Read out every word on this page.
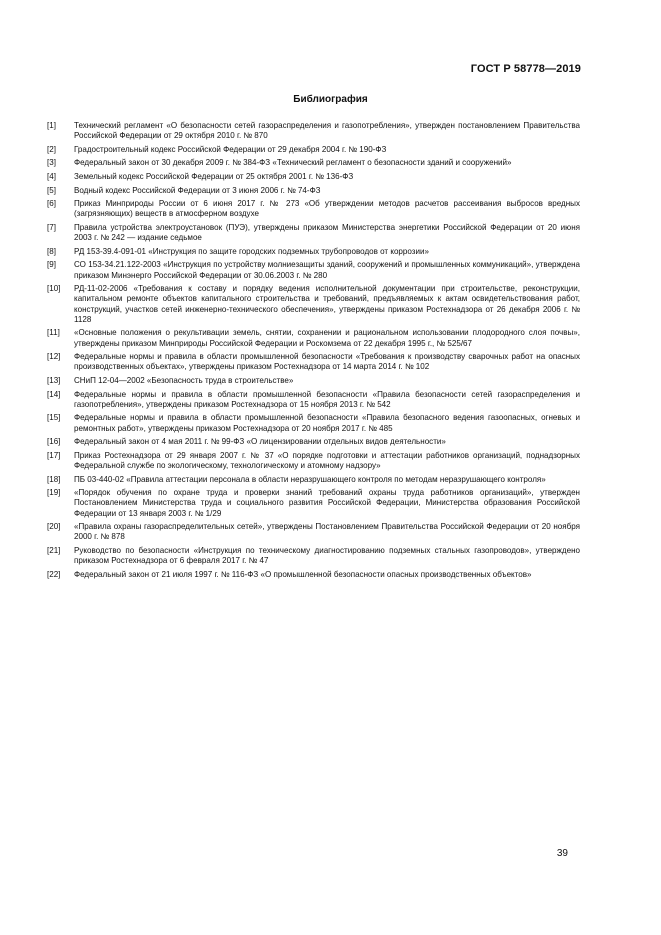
ГОСТ Р 58778—2019
Библиография
[1]	Технический регламент «О безопасности сетей газораспределения и газопотребления», утвержден постановлением Правительства Российской Федерации от 29 октября 2010 г. № 870
[2]	Градостроительный кодекс Российской Федерации от 29 декабря 2004 г. № 190-ФЗ
[3]	Федеральный закон от 30 декабря 2009 г. № 384-ФЗ «Технический регламент о безопасности зданий и сооружений»
[4]	Земельный кодекс Российской Федерации от 25 октября 2001 г. № 136-ФЗ
[5]	Водный кодекс Российской Федерации от 3 июня 2006 г. № 74-ФЗ
[6]	Приказ Минприроды России от 6 июня 2017 г. № 273 «Об утверждении методов расчетов рассеивания выбросов вредных (загрязняющих) веществ в атмосферном воздухе
[7]	Правила устройства электроустановок (ПУЭ), утверждены приказом Министерства энергетики Российской Федерации от 20 июня 2003 г. № 242 — издание седьмое
[8]	РД 153-39.4-091-01 «Инструкция по защите городских подземных трубопроводов от коррозии»
[9]	СО 153-34.21.122-2003 «Инструкция по устройству молниезащиты зданий, сооружений и промышленных коммуникаций», утверждена приказом Минэнерго Российской Федерации от 30.06.2003 г. № 280
[10]	РД-11-02-2006 «Требования к составу и порядку ведения исполнительной документации при строительстве, реконструкции, капитальном ремонте объектов капитального строительства и требований, предъявляемых к актам освидетельствования работ, конструкций, участков сетей инженерно-технического обеспечения», утверждены приказом Ростехнадзора от 26 декабря 2006 г. № 1128
[11]	«Основные положения о рекультивации земель, снятии, сохранении и рациональном использовании плодородного слоя почвы», утверждены приказом Минприроды Российской Федерации и Роскомзема от 22 декабря 1995 г., № 525/67
[12]	Федеральные нормы и правила в области промышленной безопасности «Требования к производству сварочных работ на опасных производственных объектах», утверждены приказом Ростехнадзора от 14 марта 2014 г. № 102
[13]	СНиП 12-04—2002 «Безопасность труда в строительстве»
[14]	Федеральные нормы и правила в области промышленной безопасности «Правила безопасности сетей газораспределения и газопотребления», утверждены приказом Ростехнадзора от 15 ноября 2013 г. № 542
[15]	Федеральные нормы и правила в области промышленной безопасности «Правила безопасного ведения газоопасных, огневых и ремонтных работ», утверждены приказом Ростехнадзора от 20 ноября 2017 г. № 485
[16]	Федеральный закон от 4 мая 2011 г. № 99-ФЗ «О лицензировании отдельных видов деятельности»
[17]	Приказ Ростехнадзора от 29 января 2007 г. № 37 «О порядке подготовки и аттестации работников организаций, поднадзорных Федеральной службе по экологическому, технологическому и атомному надзору»
[18]	ПБ 03-440-02 «Правила аттестации персонала в области неразрушающего контроля по методам неразрушающего контроля»
[19]	«Порядок обучения по охране труда и проверки знаний требований охраны труда работников организаций», утвержден Постановлением Министерства труда и социального развития Российской Федерации, Министерства образования Российской Федерации от 13 января 2003 г. № 1/29
[20]	«Правила охраны газораспределительных сетей», утверждены Постановлением Правительства Российской Федерации от 20 ноября 2000 г. № 878
[21]	Руководство по безопасности «Инструкция по техническому диагностированию подземных стальных газопроводов», утверждено приказом Ростехнадзора от 6 февраля 2017 г. № 47
[22]	Федеральный закон от 21 июля 1997 г. № 116-ФЗ «О промышленной безопасности опасных производственных объектов»
39
